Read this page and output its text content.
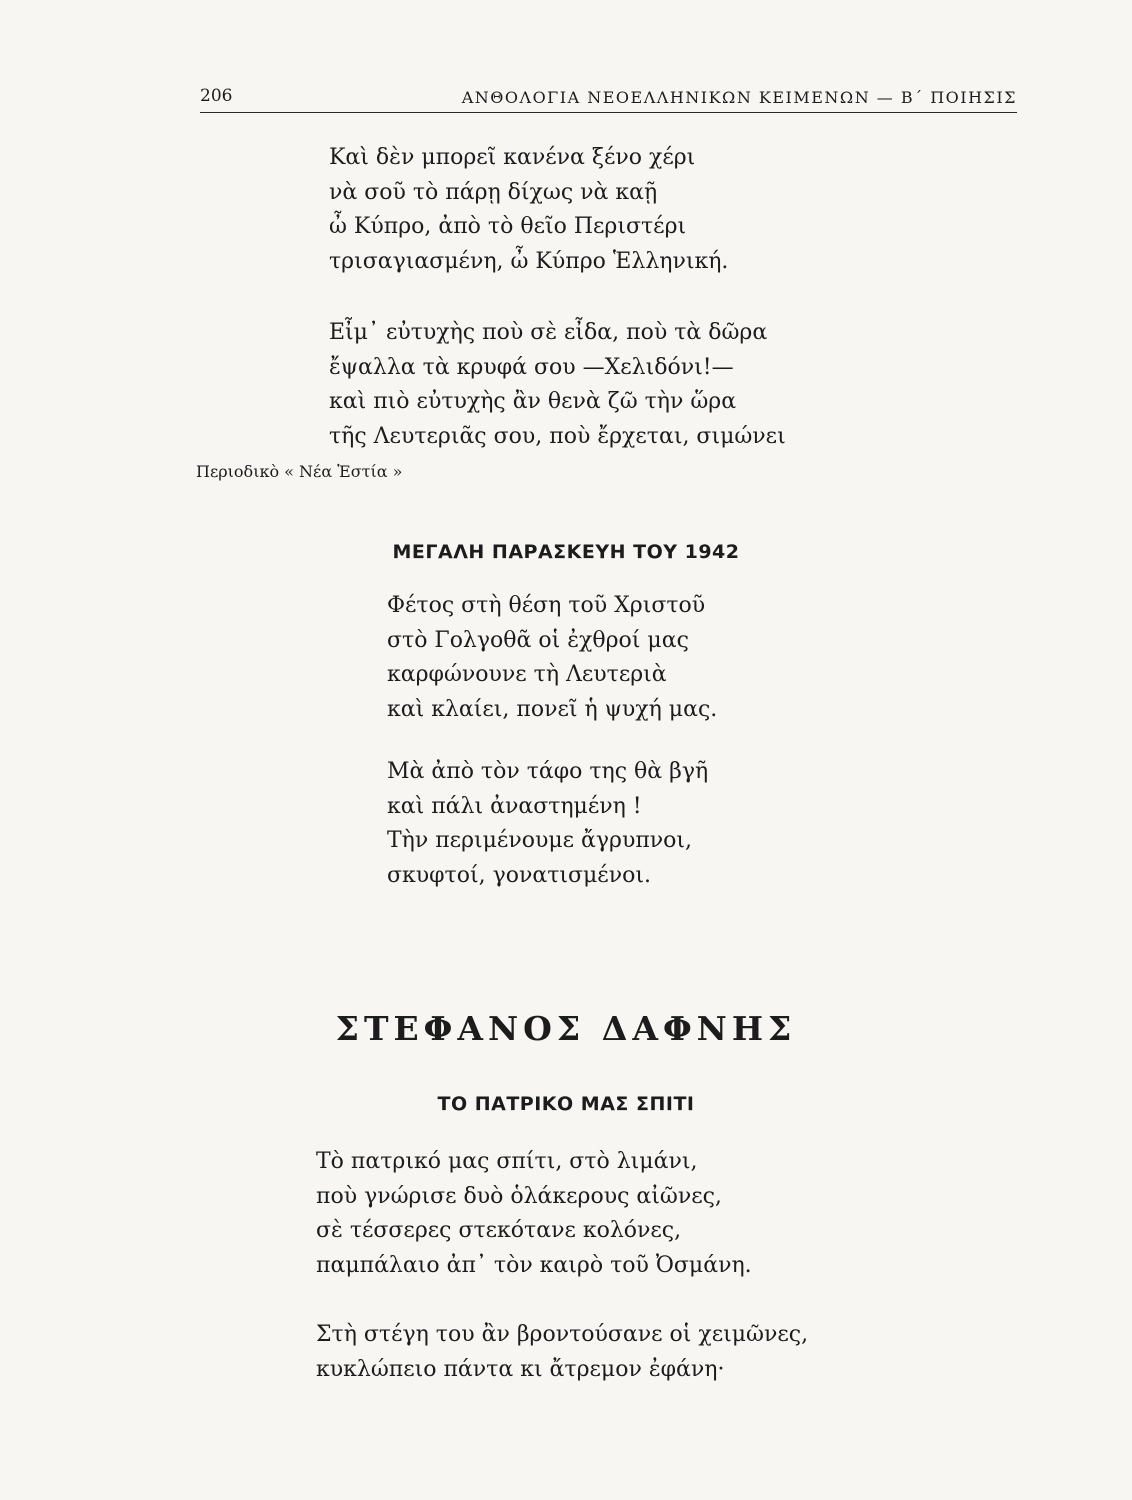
206	ΑΝΘΟΛΟΓΙΑ ΝΕΟΕΛΛΗΝΙΚΩΝ ΚΕΙΜΕΝΩΝ — Β΄ ΠΟΙΗΣΙΣ
Καὶ δὲν μπορεῖ κανένα ξένο χέρι
νὰ σοῦ τὸ πάρῃ δίχως νὰ καῇ
ὦ Κύπρο, ἀπὸ τὸ θεῖο Περιστέρι
τρισαγιασμένη, ὦ Κύπρο Ἑλληνική.
Εἶμ᾽ εὐτυχὴς ποὺ σὲ εἶδα, ποὺ τὰ δῶρα
ἔψαλλα τὰ κρυφά σου —Χελιδόνι!—
καὶ πιὸ εὐτυχὴς ἂν θενὰ ζῶ τὴν ὥρα
τῆς Λευτεριᾶς σου, ποὺ ἔρχεται, σιμώνει
Περιοδικὸ « Νέα Ἑστία »
ΜΕΓΑΛΗ ΠΑΡΑΣΚΕΥΗ ΤΟΥ 1942
Φέτος στὴ θέση τοῦ Χριστοῦ
στὸ Γολγοθᾶ οἱ ἐχθροί μας
καρφώνουνε τὴ Λευτεριὰ
καὶ κλαίει, πονεῖ ἡ ψυχή μας.
Μὰ ἀπὸ τὸν τάφο της θὰ βγῆ
καὶ πάλι ἀναστημένη !
Τὴν περιμένουμε ἄγρυπνοι,
σκυφτοί, γονατισμένοι.
ΣΤΕΦΑΝΟΣ ΔΑΦΝΗΣ
ΤΟ ΠΑΤΡΙΚΟ ΜΑΣ ΣΠΙΤΙ
Τὸ πατρικό μας σπίτι, στὸ λιμάνι,
ποὺ γνώρισε δυὸ ὁλάκερους αἰῶνες,
σὲ τέσσερες στεκότανε κολόνες,
παμπάλαιο ἀπ᾽ τὸν καιρὸ τοῦ Ὀσμάνη.
Στὴ στέγη του ἂν βροντούσανε οἱ χειμῶνες,
κυκλώπειο πάντα κι ἄτρεμον ἐφάνη·
